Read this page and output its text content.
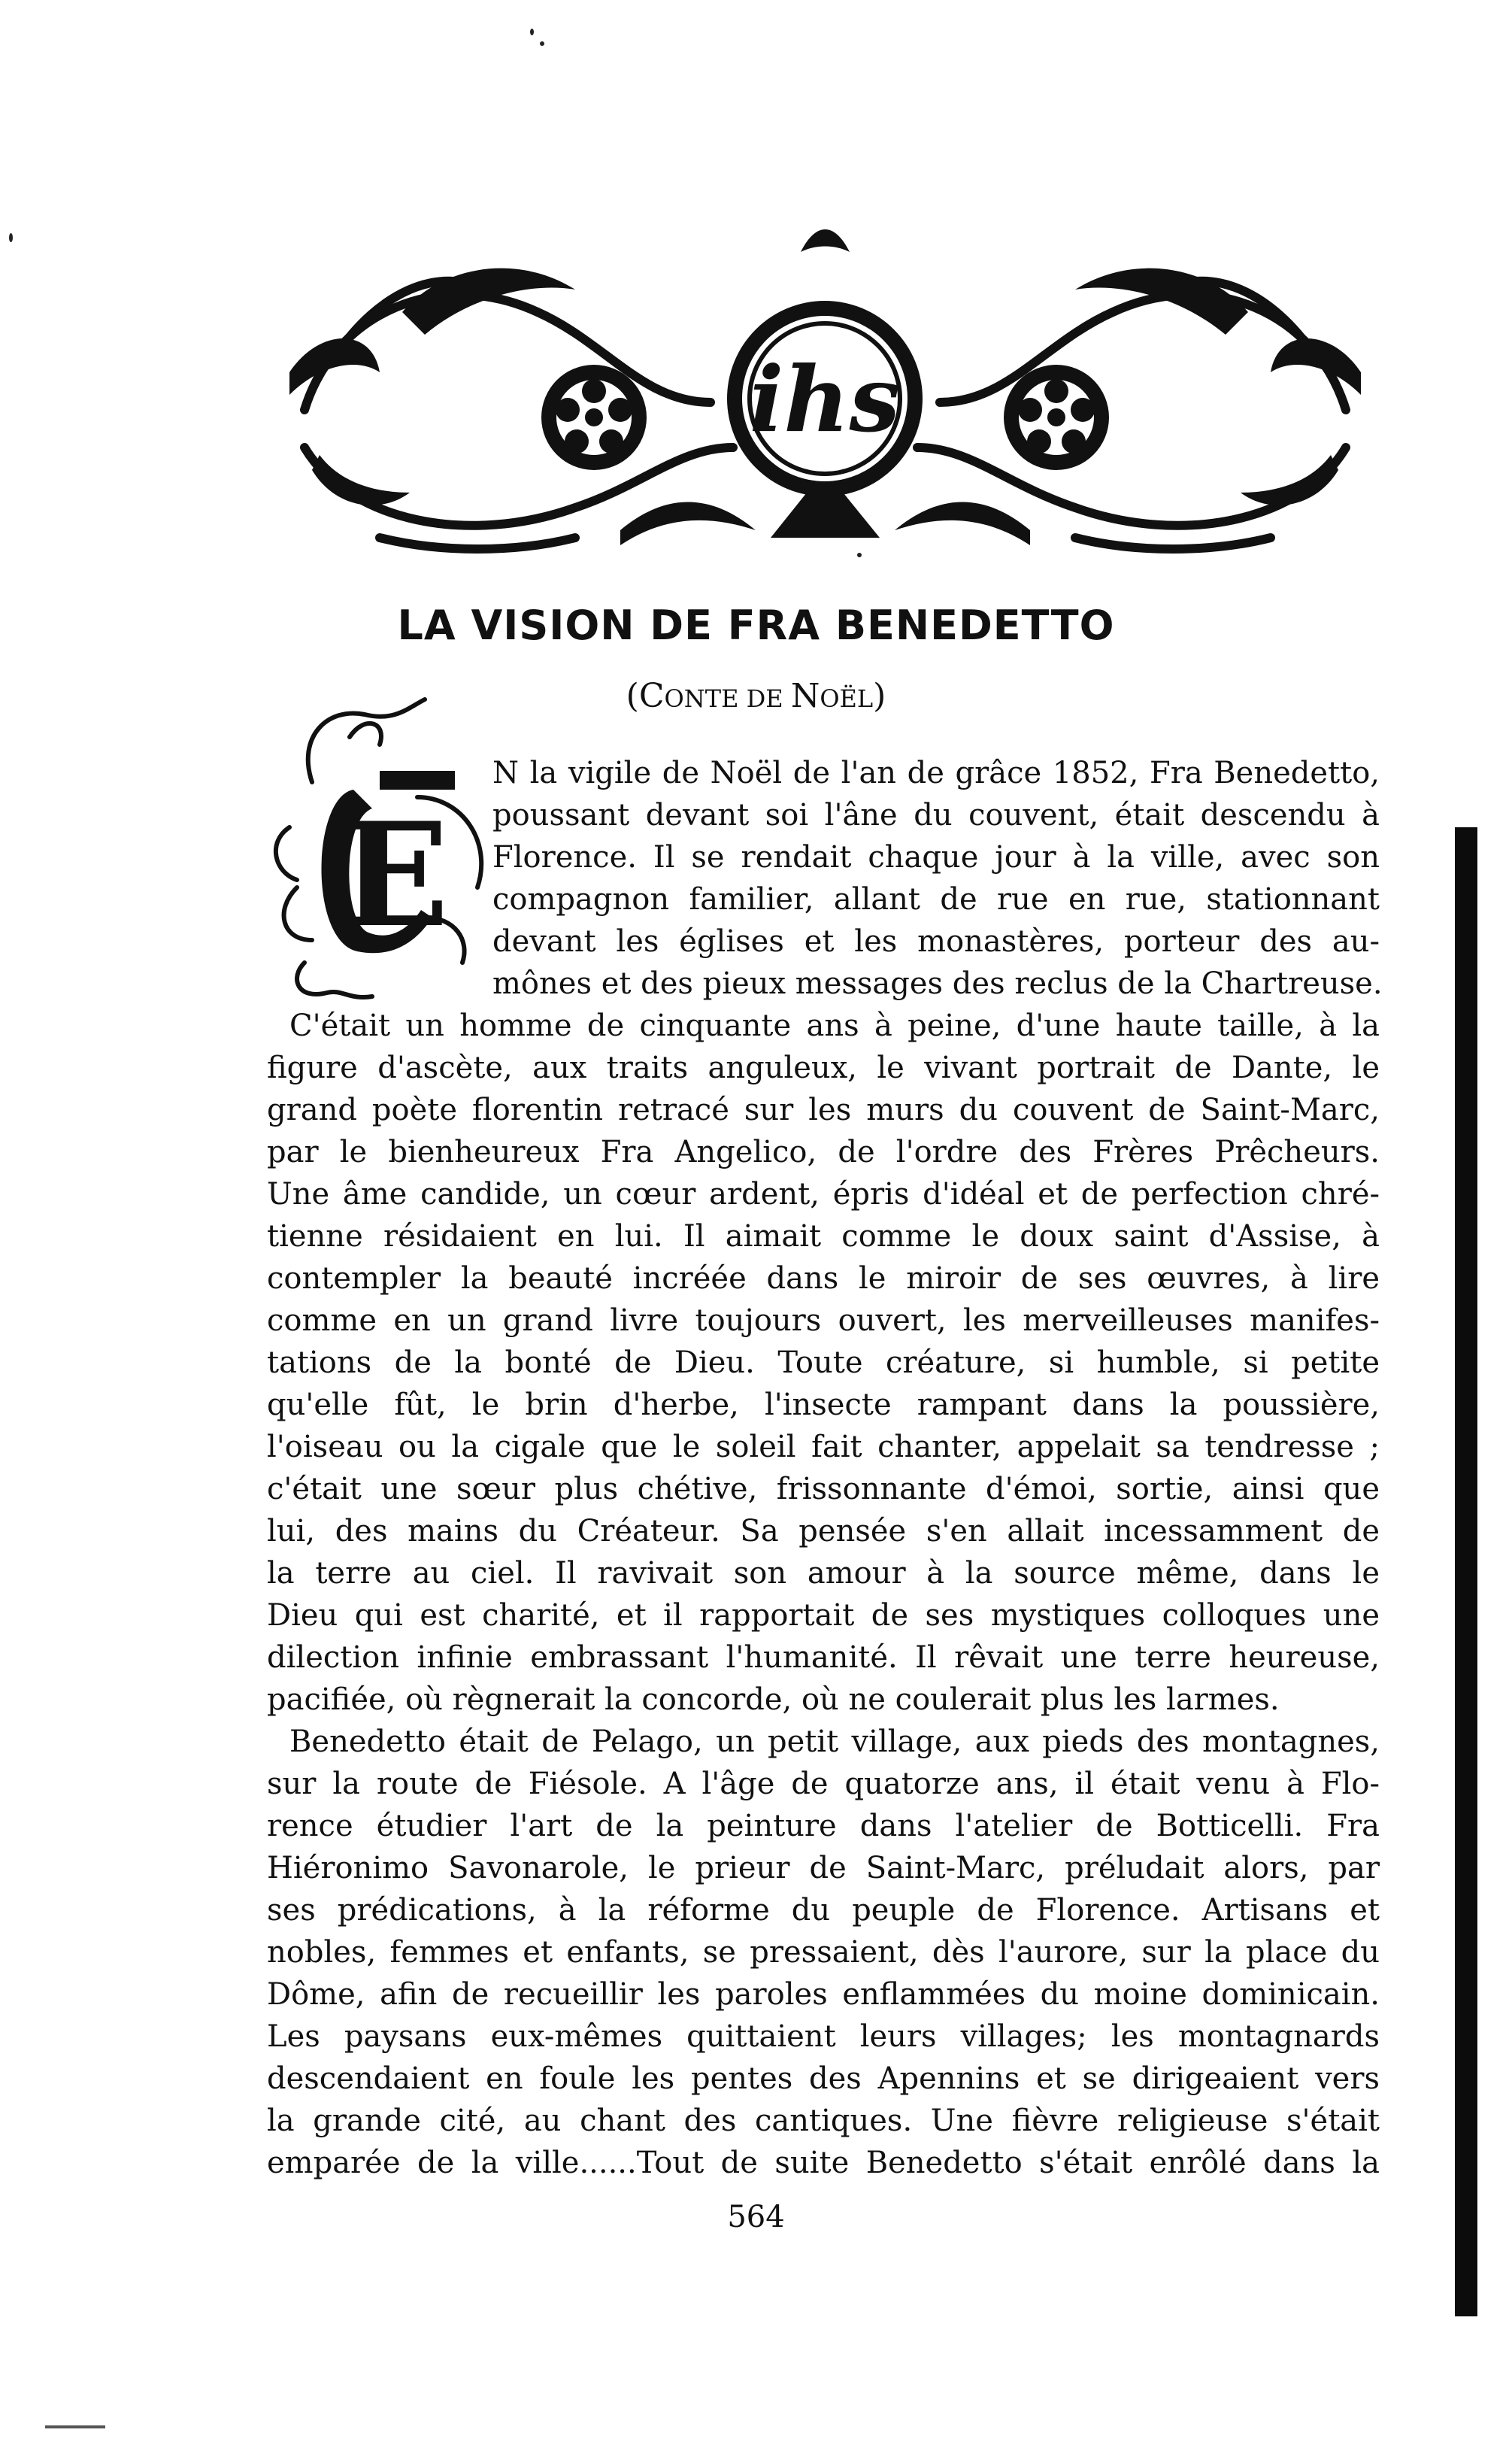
ihs
LA VISION DE FRA BENEDETTO
(CONTE DE NOËL)
E
N la vigile de Noël de l'an de grâce 1852, Fra Benedetto,
poussant devant soi l'âne du couvent, était descendu à
Florence. Il se rendait chaque jour à la ville, avec son
compagnon familier, allant de rue en rue, stationnant
devant les églises et les monastères, porteur des au-
mônes et des pieux messages des reclus de la Chartreuse.
C'était un homme de cinquante ans à peine, d'une haute taille, à la
figure d'ascète, aux traits anguleux, le vivant portrait de Dante, le
grand poète florentin retracé sur les murs du couvent de Saint-Marc,
par le bienheureux Fra Angelico, de l'ordre des Frères Prêcheurs.
Une âme candide, un cœur ardent, épris d'idéal et de perfection chré-
tienne résidaient en lui. Il aimait comme le doux saint d'Assise, à
contempler la beauté incréée dans le miroir de ses œuvres, à lire
comme en un grand livre toujours ouvert, les merveilleuses manifes-
tations de la bonté de Dieu. Toute créature, si humble, si petite
qu'elle fût, le brin d'herbe, l'insecte rampant dans la poussière,
l'oiseau ou la cigale que le soleil fait chanter, appelait sa tendresse ;
c'était une sœur plus chétive, frissonnante d'émoi, sortie, ainsi que
lui, des mains du Créateur. Sa pensée s'en allait incessamment de
la terre au ciel. Il ravivait son amour à la source même, dans le
Dieu qui est charité, et il rapportait de ses mystiques colloques une
dilection infinie embrassant l'humanité. Il rêvait une terre heureuse,
pacifiée, où règnerait la concorde, où ne coulerait plus les larmes.
Benedetto était de Pelago, un petit village, aux pieds des montagnes,
sur la route de Fiésole. A l'âge de quatorze ans, il était venu à Flo-
rence étudier l'art de la peinture dans l'atelier de Botticelli. Fra
Hiéronimo Savonarole, le prieur de Saint-Marc, préludait alors, par
ses prédications, à la réforme du peuple de Florence. Artisans et
nobles, femmes et enfants, se pressaient, dès l'aurore, sur la place du
Dôme, afin de recueillir les paroles enflammées du moine dominicain.
Les paysans eux-mêmes quittaient leurs villages; les montagnards
descendaient en foule les pentes des Apennins et se dirigeaient vers
la grande cité, au chant des cantiques. Une fièvre religieuse s'était
emparée de la ville......Tout de suite Benedetto s'était enrôlé dans la
564
